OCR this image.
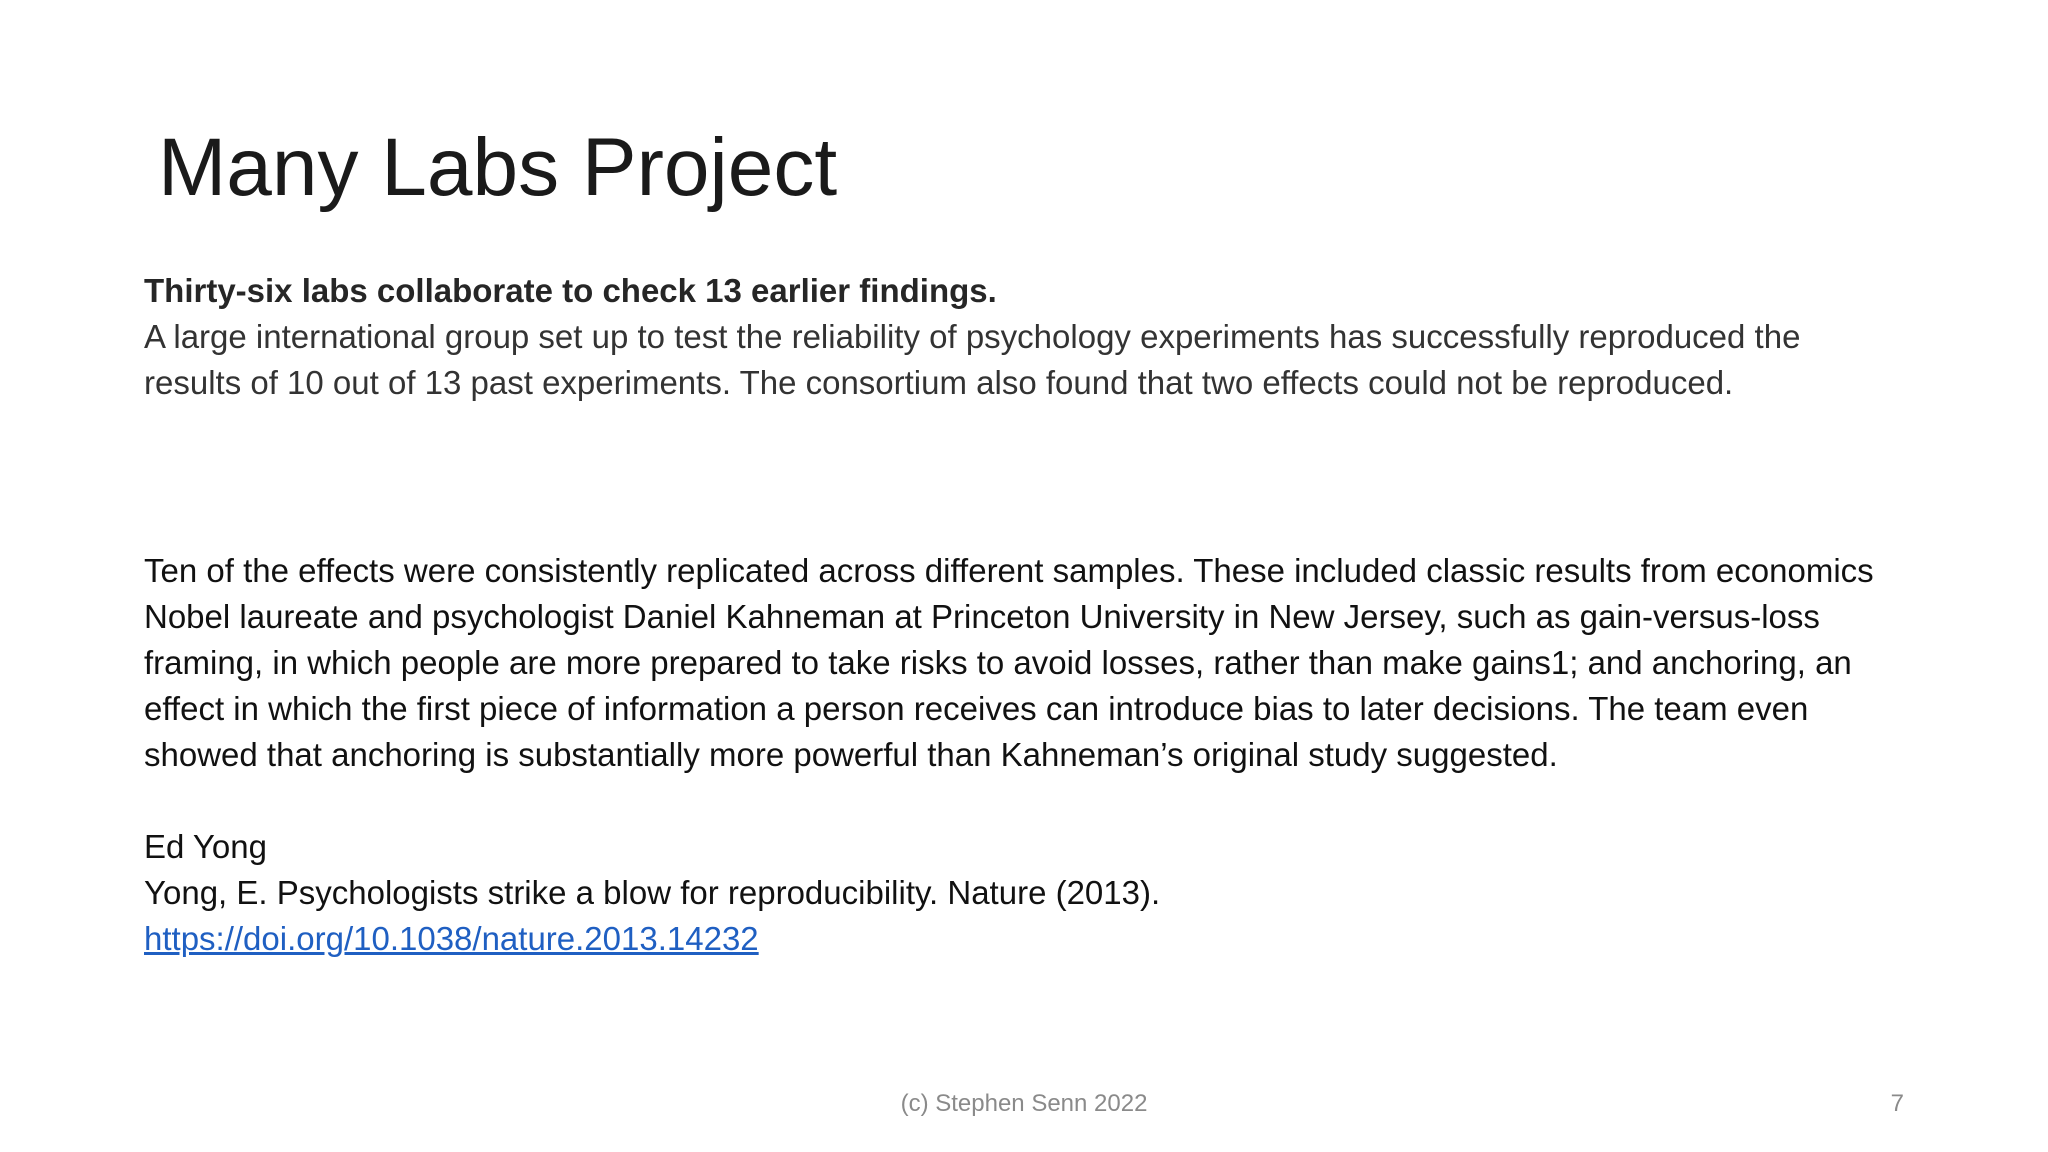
Many Labs Project

Thirty-six labs collaborate to check 13 earlier findings.

A large international group set up to test the reliability of psychology experiments has successfully reproduced the results of 10 out of 13 past experiments. The consortium also found that two effects could not be reproduced.

Ten of the effects were consistently replicated across different samples. These included classic results from economics Nobel laureate and psychologist Daniel Kahneman at Princeton University in New Jersey, such as gain-versus-loss framing, in which people are more prepared to take risks to avoid losses, rather than make gains1; and anchoring, an effect in which the first piece of information a person receives can introduce bias to later decisions. The team even showed that anchoring is substantially more powerful than Kahneman’s original study suggested.

Ed Yong

Yong, E. Psychologists strike a blow for reproducibility. Nature (2013).

https://doi.org/10.1038/nature.2013.14232
(c) Stephen Senn 2022	7
